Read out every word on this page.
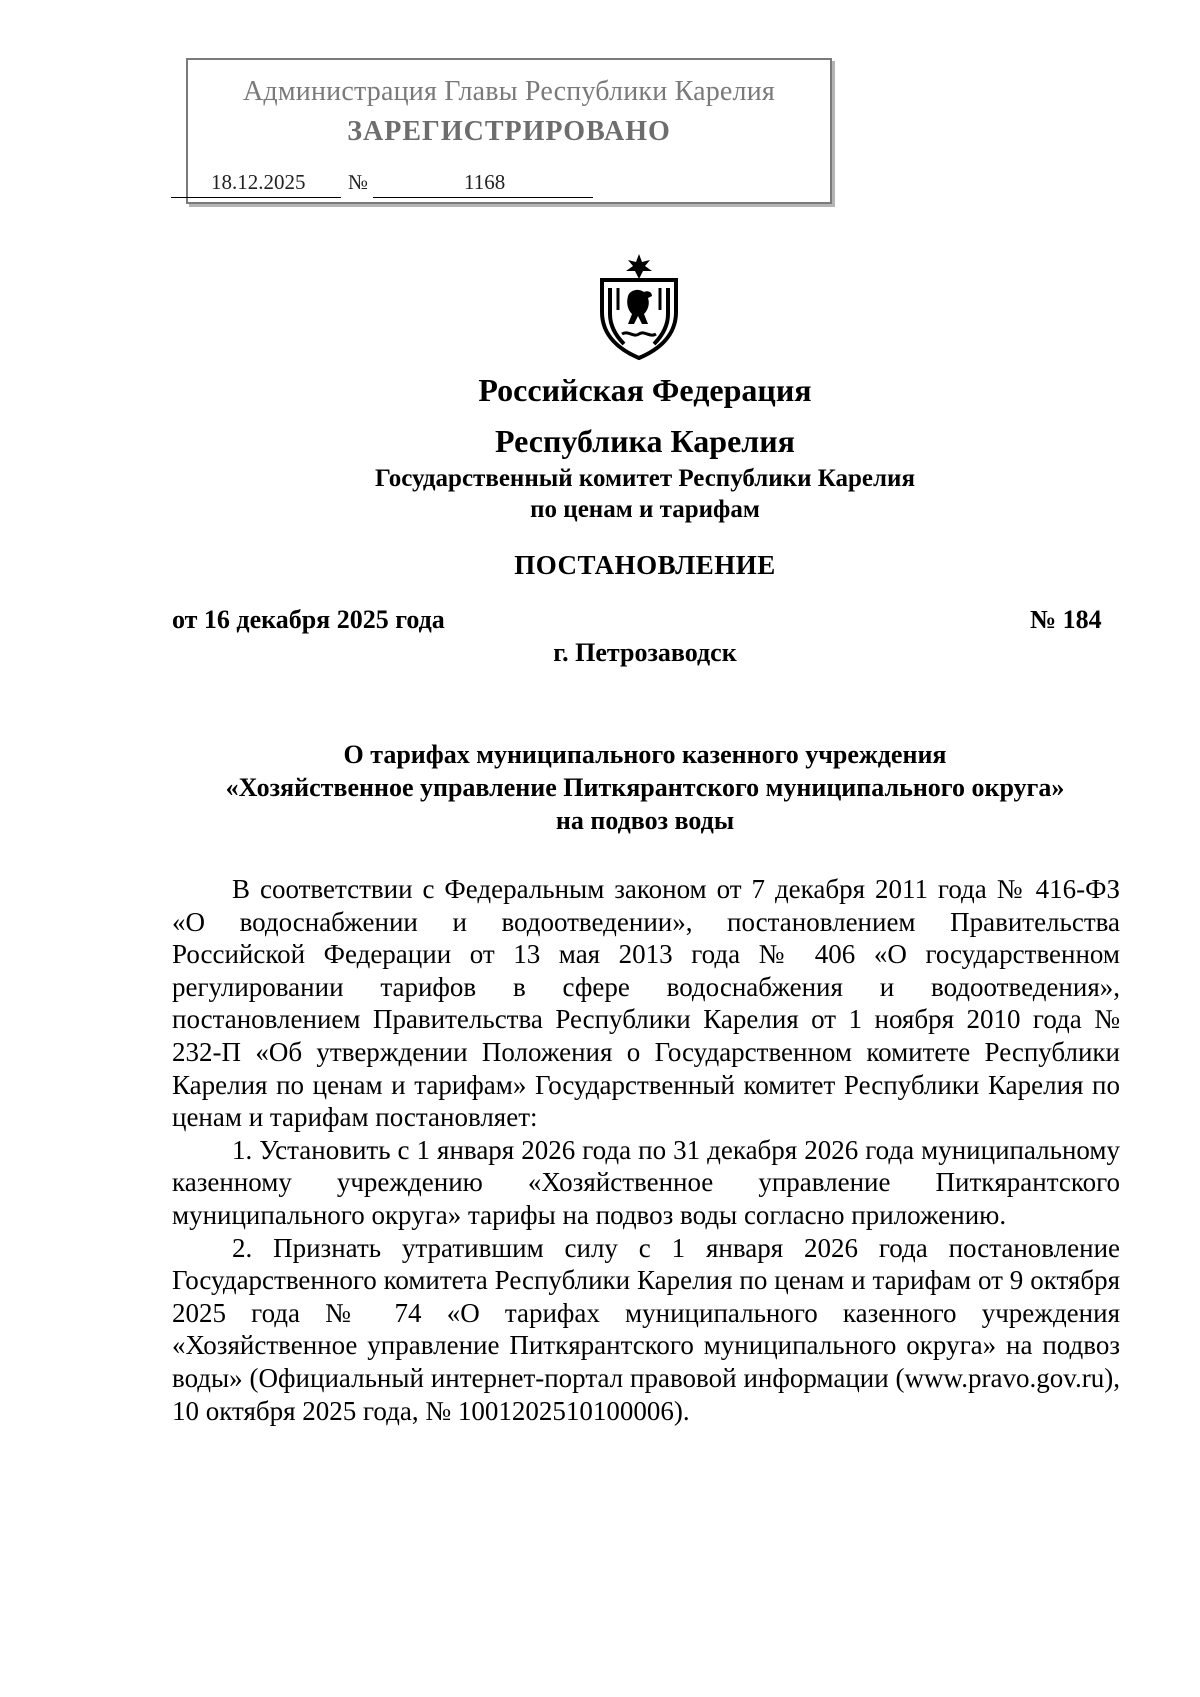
Администрация Главы Республики Карелия
ЗАРЕГИСТРИРОВАНО
18.12.2025 №	1168
Российская Федерация
Республика Карелия
Государственный комитет Республики Карелия
по ценам и тарифам
ПОСТАНОВЛЕНИЕ
от 16 декабря 2025 года	№ 184
г. Петрозаводск
О тарифах муниципального казенного учреждения
«Хозяйственное управление Питкярантского муниципального округа»
на подвоз воды

В соответствии с Федеральным законом от 7 декабря 2011 года № 416-ФЗ «О водоснабжении и водоотведении», постановлением Правительства Российской Федерации от 13 мая 2013 года № 406 «О государственном регулировании тарифов в сфере водоснабжения и водоотведения», постановлением Правительства Республики Карелия от 1 ноября 2010 года № 232-П «Об утверждении Положения о Государственном комитете Республики Карелия по ценам и тарифам» Государственный комитет Республики Карелия по ценам и тарифам постановляет:

1. Установить с 1 января 2026 года по 31 декабря 2026 года муниципальному казенному учреждению «Хозяйственное управление Питкярантского муниципального округа» тарифы на подвоз воды согласно приложению.

2. Признать утратившим силу с 1 января 2026 года постановление Государственного комитета Республики Карелия по ценам и тарифам от 9 октября 2025 года № 74 «О тарифах муниципального казенного учреждения «Хозяйственное управление Питкярантского муниципального округа» на подвоз воды» (Официальный интернет-портал правовой информации (www.pravo.gov.ru), 10 октября 2025 года, № 1001202510100006).
